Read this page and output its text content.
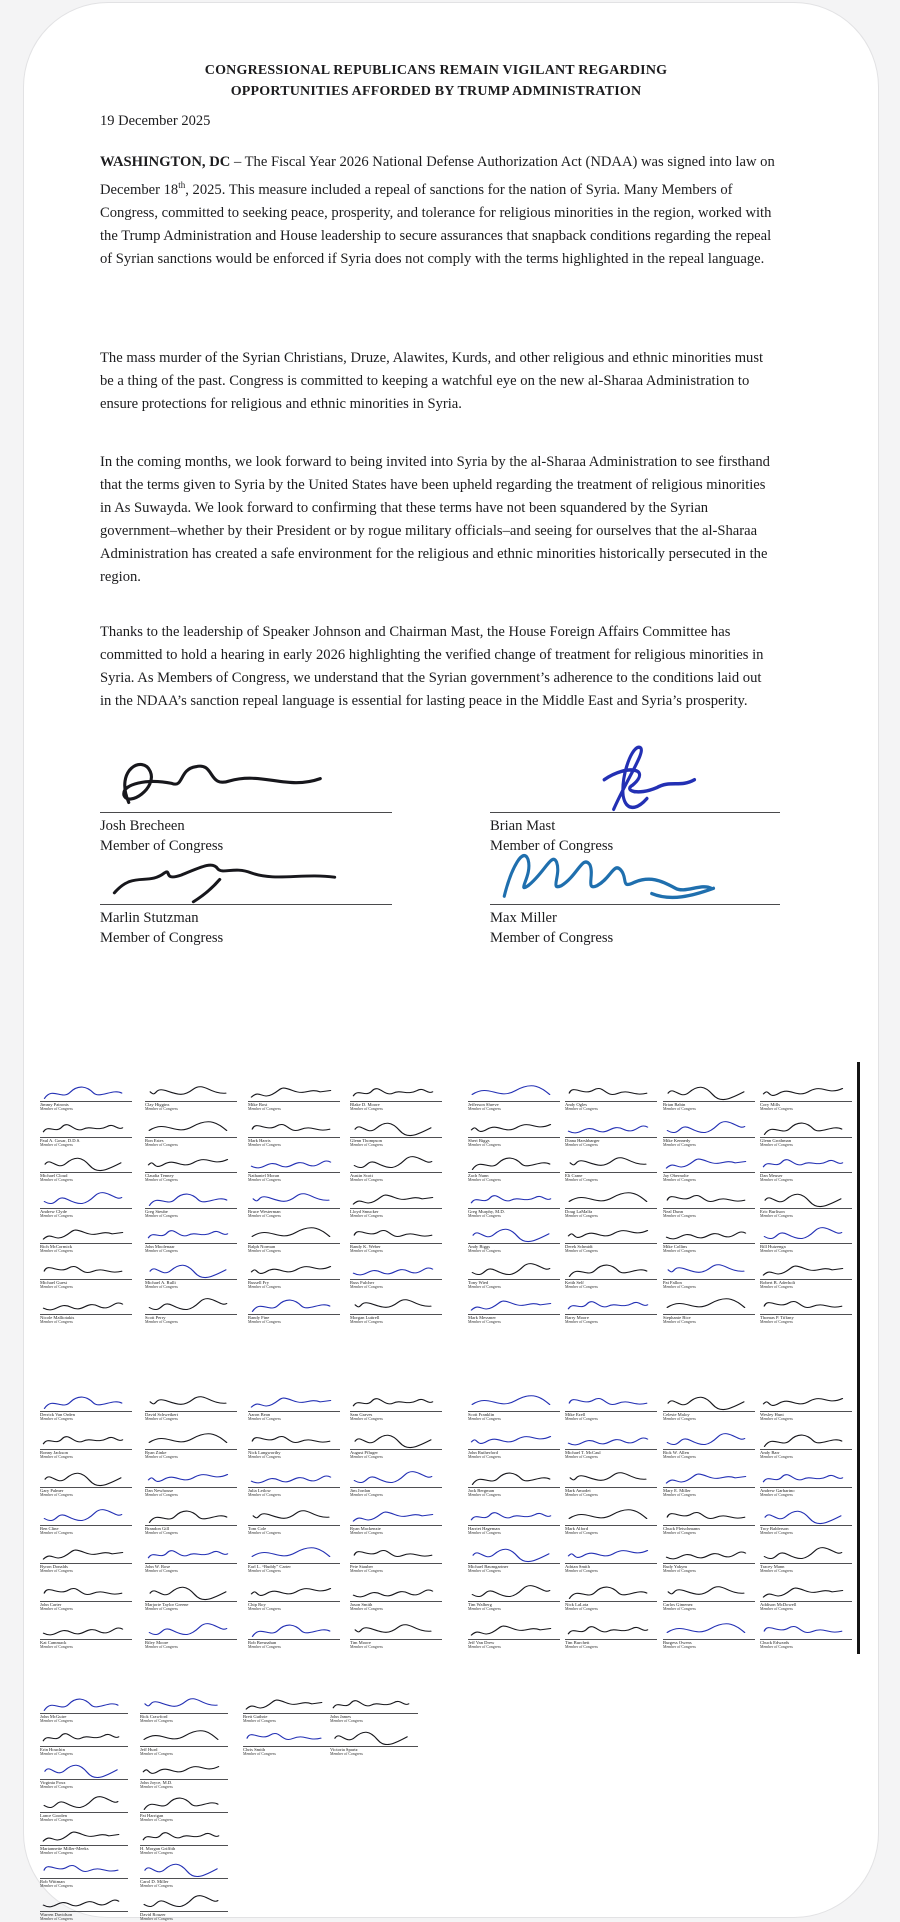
CONGRESSIONAL REPUBLICANS REMAIN VIGILANT REGARDING
OPPORTUNITIES AFFORDED BY TRUMP ADMINISTRATION
19 December 2025
WASHINGTON, DC – The Fiscal Year 2026 National Defense Authorization Act (NDAA) was signed into law on December 18th, 2025. This measure included a repeal of sanctions for the nation of Syria. Many Members of Congress, committed to seeking peace, prosperity, and tolerance for religious minorities in the region, worked with the Trump Administration and House leadership to secure assurances that snapback conditions regarding the repeal of Syrian sanctions would be enforced if Syria does not comply with the terms highlighted in the repeal language.
The mass murder of the Syrian Christians, Druze, Alawites, Kurds, and other religious and ethnic minorities must be a thing of the past. Congress is committed to keeping a watchful eye on the new al-Sharaa Administration to ensure protections for religious and ethnic minorities in Syria.
In the coming months, we look forward to being invited into Syria by the al-Sharaa Administration to see firsthand that the terms given to Syria by the United States have been upheld regarding the treatment of religious minorities in As Suwayda. We look forward to confirming that these terms have not been squandered by the Syrian government–whether by their President or by rogue military officials–and seeing for ourselves that the al-Sharaa Administration has created a safe environment for the religious and ethnic minorities historically persecuted in the region.
Thanks to the leadership of Speaker Johnson and Chairman Mast, the House Foreign Affairs Committee has committed to hold a hearing in early 2026 highlighting the verified change of treatment for religious minorities in Syria. As Members of Congress, we understand that the Syrian government’s adherence to the conditions laid out in the NDAA’s sanction repeal language is essential for lasting peace in the Middle East and Syria’s prosperity.
Josh Brecheen
Member of Congress
Brian Mast
Member of Congress
Marlin Stutzman
Member of Congress
Max Miller
Member of Congress
Jimmy Patronis
Member of Congress
Paul A. Gosar, D.D.S.
Member of Congress
Michael Cloud
Member of Congress
Andrew Clyde
Member of Congress
Rich McCormick
Member of Congress
Michael Guest
Member of Congress
Nicole Malliotakis
Member of Congress
Clay Higgins
Member of Congress
Ron Estes
Member of Congress
Claudia Tenney
Member of Congress
Greg Steube
Member of Congress
John Moolenaar
Member of Congress
Michael A. Rulli
Member of Congress
Scott Perry
Member of Congress
Mike Bost
Member of Congress
Mark Harris
Member of Congress
Nathaniel Moran
Member of Congress
Bruce Westerman
Member of Congress
Ralph Norman
Member of Congress
Russell Fry
Member of Congress
Randy Fine
Member of Congress
Blake D. Moore
Member of Congress
Glenn Thompson
Member of Congress
Austin Scott
Member of Congress
Lloyd Smucker
Member of Congress
Randy K. Weber
Member of Congress
Russ Fulcher
Member of Congress
Morgan Luttrell
Member of Congress
Jefferson Shreve
Member of Congress
Sheri Biggs
Member of Congress
Zach Nunn
Member of Congress
Greg Murphy, M.D.
Member of Congress
Andy Biggs
Member of Congress
Tony Wied
Member of Congress
Mark Messmer
Member of Congress
Andy Ogles
Member of Congress
Diana Harshbarger
Member of Congress
Eli Crane
Member of Congress
Doug LaMalfa
Member of Congress
Derek Schmidt
Member of Congress
Keith Self
Member of Congress
Barry Moore
Member of Congress
Brian Babin
Member of Congress
Mike Kennedy
Member of Congress
Jay Obernolte
Member of Congress
Neal Dunn
Member of Congress
Mike Collins
Member of Congress
Pat Fallon
Member of Congress
Stephanie Bice
Member of Congress
Cory Mills
Member of Congress
Glenn Grothman
Member of Congress
Dan Meuser
Member of Congress
Eric Burlison
Member of Congress
Bill Huizenga
Member of Congress
Robert B. Aderholt
Member of Congress
Thomas P. Tiffany
Member of Congress
Derrick Van Orden
Member of Congress
Ronny Jackson
Member of Congress
Gary Palmer
Member of Congress
Ben Cline
Member of Congress
Byron Donalds
Member of Congress
John Carter
Member of Congress
Kat Cammack
Member of Congress
David Schweikert
Member of Congress
Ryan Zinke
Member of Congress
Dan Newhouse
Member of Congress
Brandon Gill
Member of Congress
John W. Rose
Member of Congress
Marjorie Taylor Greene
Member of Congress
Riley Moore
Member of Congress
Aaron Bean
Member of Congress
Nick Langworthy
Member of Congress
Julia Letlow
Member of Congress
Tom Cole
Member of Congress
Earl L. “Buddy” Carter
Member of Congress
Chip Roy
Member of Congress
Rob Bresnahan
Member of Congress
Sam Graves
Member of Congress
August Pfluger
Member of Congress
Jim Jordan
Member of Congress
Ryan Mackenzie
Member of Congress
Pete Stauber
Member of Congress
Jason Smith
Member of Congress
Tim Moore
Member of Congress
Scott Franklin
Member of Congress
John Rutherford
Member of Congress
Jack Bergman
Member of Congress
Harriet Hageman
Member of Congress
Michael Baumgartner
Member of Congress
Tim Walberg
Member of Congress
Jeff Van Drew
Member of Congress
Mike Ezell
Member of Congress
Michael T. McCaul
Member of Congress
Mark Amodei
Member of Congress
Mark Alford
Member of Congress
Adrian Smith
Member of Congress
Nick LaLota
Member of Congress
Tim Burchett
Member of Congress
Celeste Maloy
Member of Congress
Rick W. Allen
Member of Congress
Mary E. Miller
Member of Congress
Chuck Fleischmann
Member of Congress
Rudy Yakym
Member of Congress
Carlos Gimenez
Member of Congress
Burgess Owens
Member of Congress
Wesley Hunt
Member of Congress
Andy Barr
Member of Congress
Andrew Garbarino
Member of Congress
Troy Balderson
Member of Congress
Tracey Mann
Member of Congress
Addison McDowell
Member of Congress
Chuck Edwards
Member of Congress
John McGuire
Member of Congress
Erin Houchin
Member of Congress
Virginia Foxx
Member of Congress
Lance Gooden
Member of Congress
Mariannette Miller-Meeks
Member of Congress
Rob Wittman
Member of Congress
Warren Davidson
Member of Congress
Rick Crawford
Member of Congress
Jeff Hurd
Member of Congress
John Joyce, M.D.
Member of Congress
Pat Harrigan
Member of Congress
H. Morgan Griffith
Member of Congress
Carol D. Miller
Member of Congress
David Rouzer
Member of Congress
Brett Guthrie
Member of Congress
Chris Smith
Member of Congress
John James
Member of Congress
Victoria Spartz
Member of Congress
